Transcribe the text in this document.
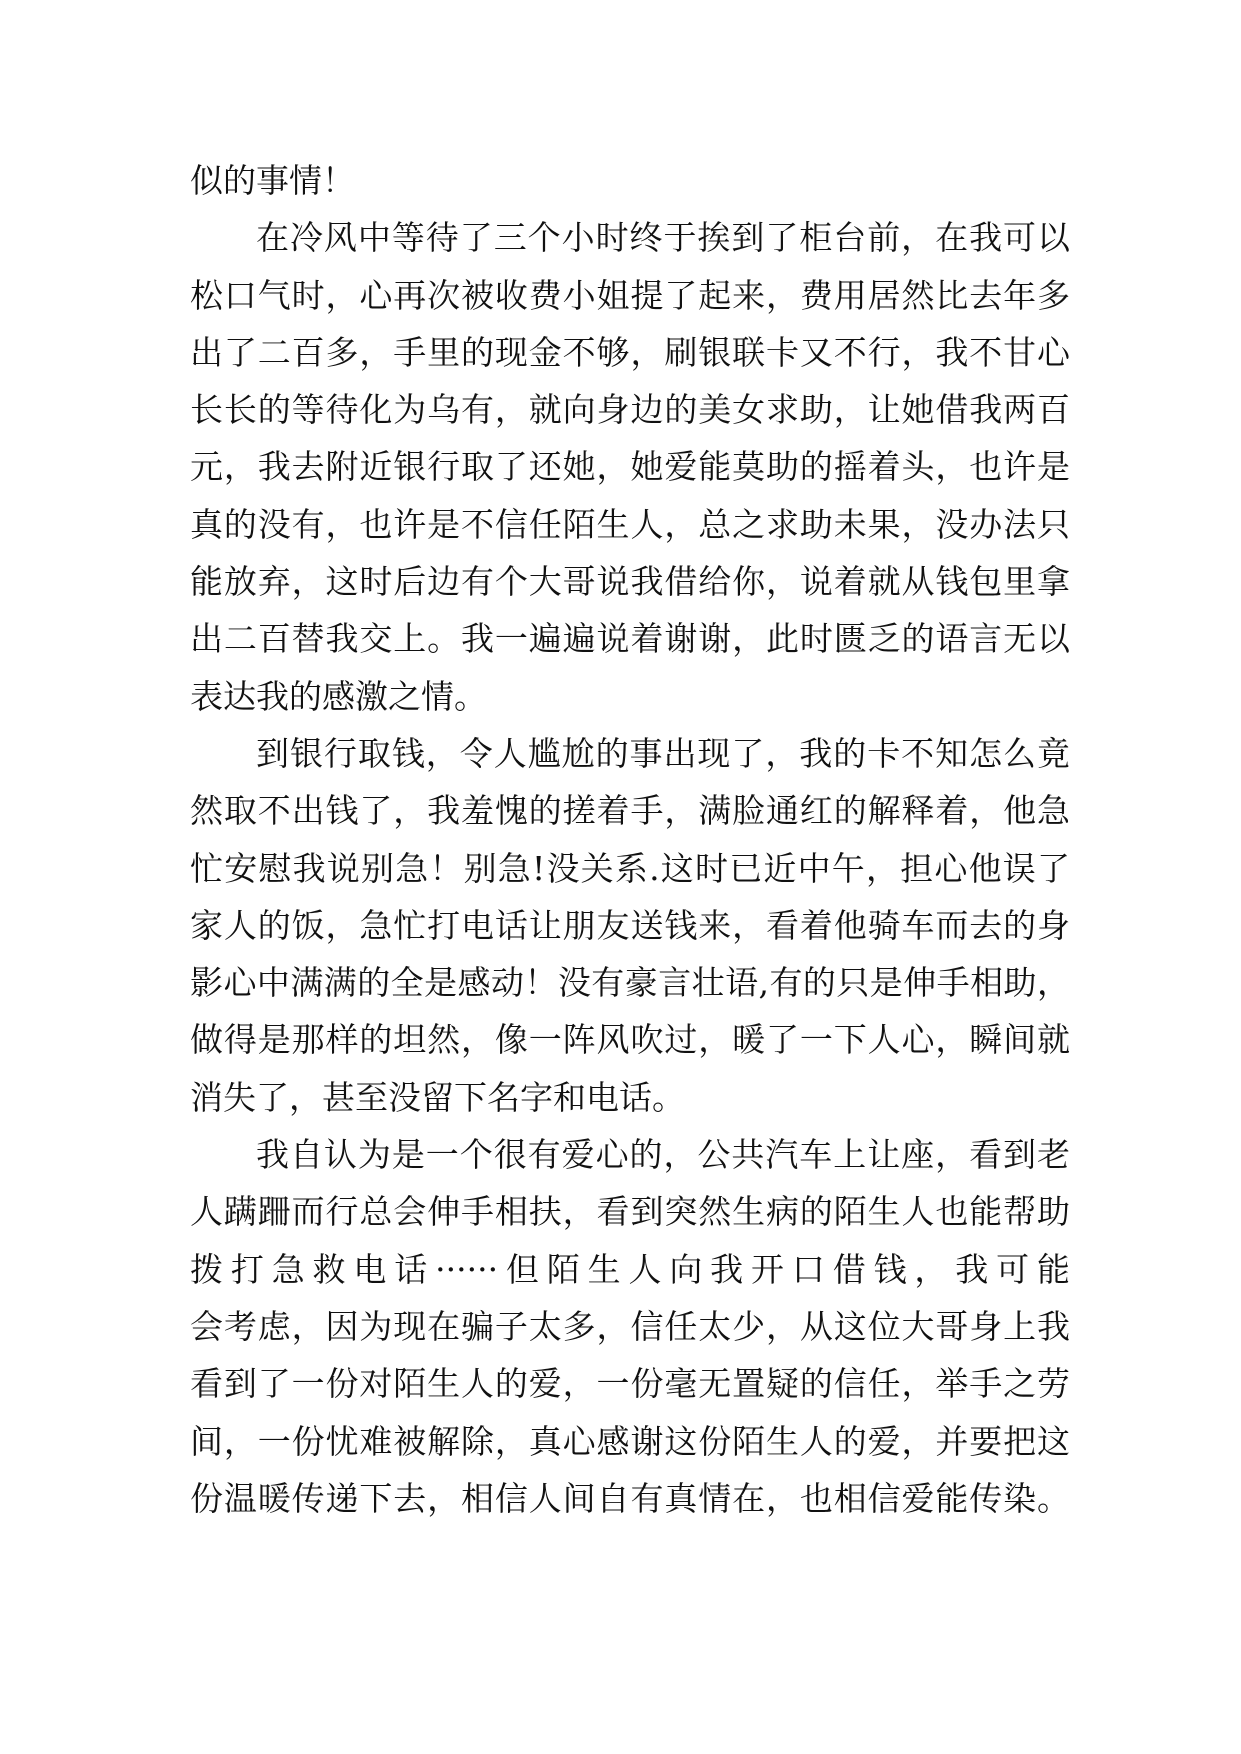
似的事情！
在冷风中等待了三个小时终于挨到了柜台前，在我可以
松口气时，心再次被收费小姐提了起来，费用居然比去年多
出了二百多，手里的现金不够，刷银联卡又不行，我不甘心
长长的等待化为乌有，就向身边的美女求助，让她借我两百
元，我去附近银行取了还她，她爱能莫助的摇着头，也许是
真的没有，也许是不信任陌生人，总之求助未果，没办法只
能放弃，这时后边有个大哥说我借给你，说着就从钱包里拿
出二百替我交上。我一遍遍说着谢谢，此时匮乏的语言无以
表达我的感激之情。
到银行取钱，令人尴尬的事出现了，我的卡不知怎么竟
然取不出钱了，我羞愧的搓着手，满脸通红的解释着，他急
忙安慰我说别急！别急!没关系.这时已近中午，担心他误了
家人的饭，急忙打电话让朋友送钱来，看着他骑车而去的身
影心中满满的全是感动！没有豪言壮语,有的只是伸手相助，
做得是那样的坦然，像一阵风吹过，暖了一下人心，瞬间就
消失了，甚至没留下名字和电话。
我自认为是一个很有爱心的，公共汽车上让座，看到老
人蹒跚而行总会伸手相扶，看到突然生病的陌生人也能帮助
拨打急救电话······但陌生人向我开口借钱，我可能
会考虑，因为现在骗子太多，信任太少，从这位大哥身上我
看到了一份对陌生人的爱，一份毫无置疑的信任，举手之劳
间，一份忧难被解除，真心感谢这份陌生人的爱，并要把这
份温暖传递下去，相信人间自有真情在，也相信爱能传染。
